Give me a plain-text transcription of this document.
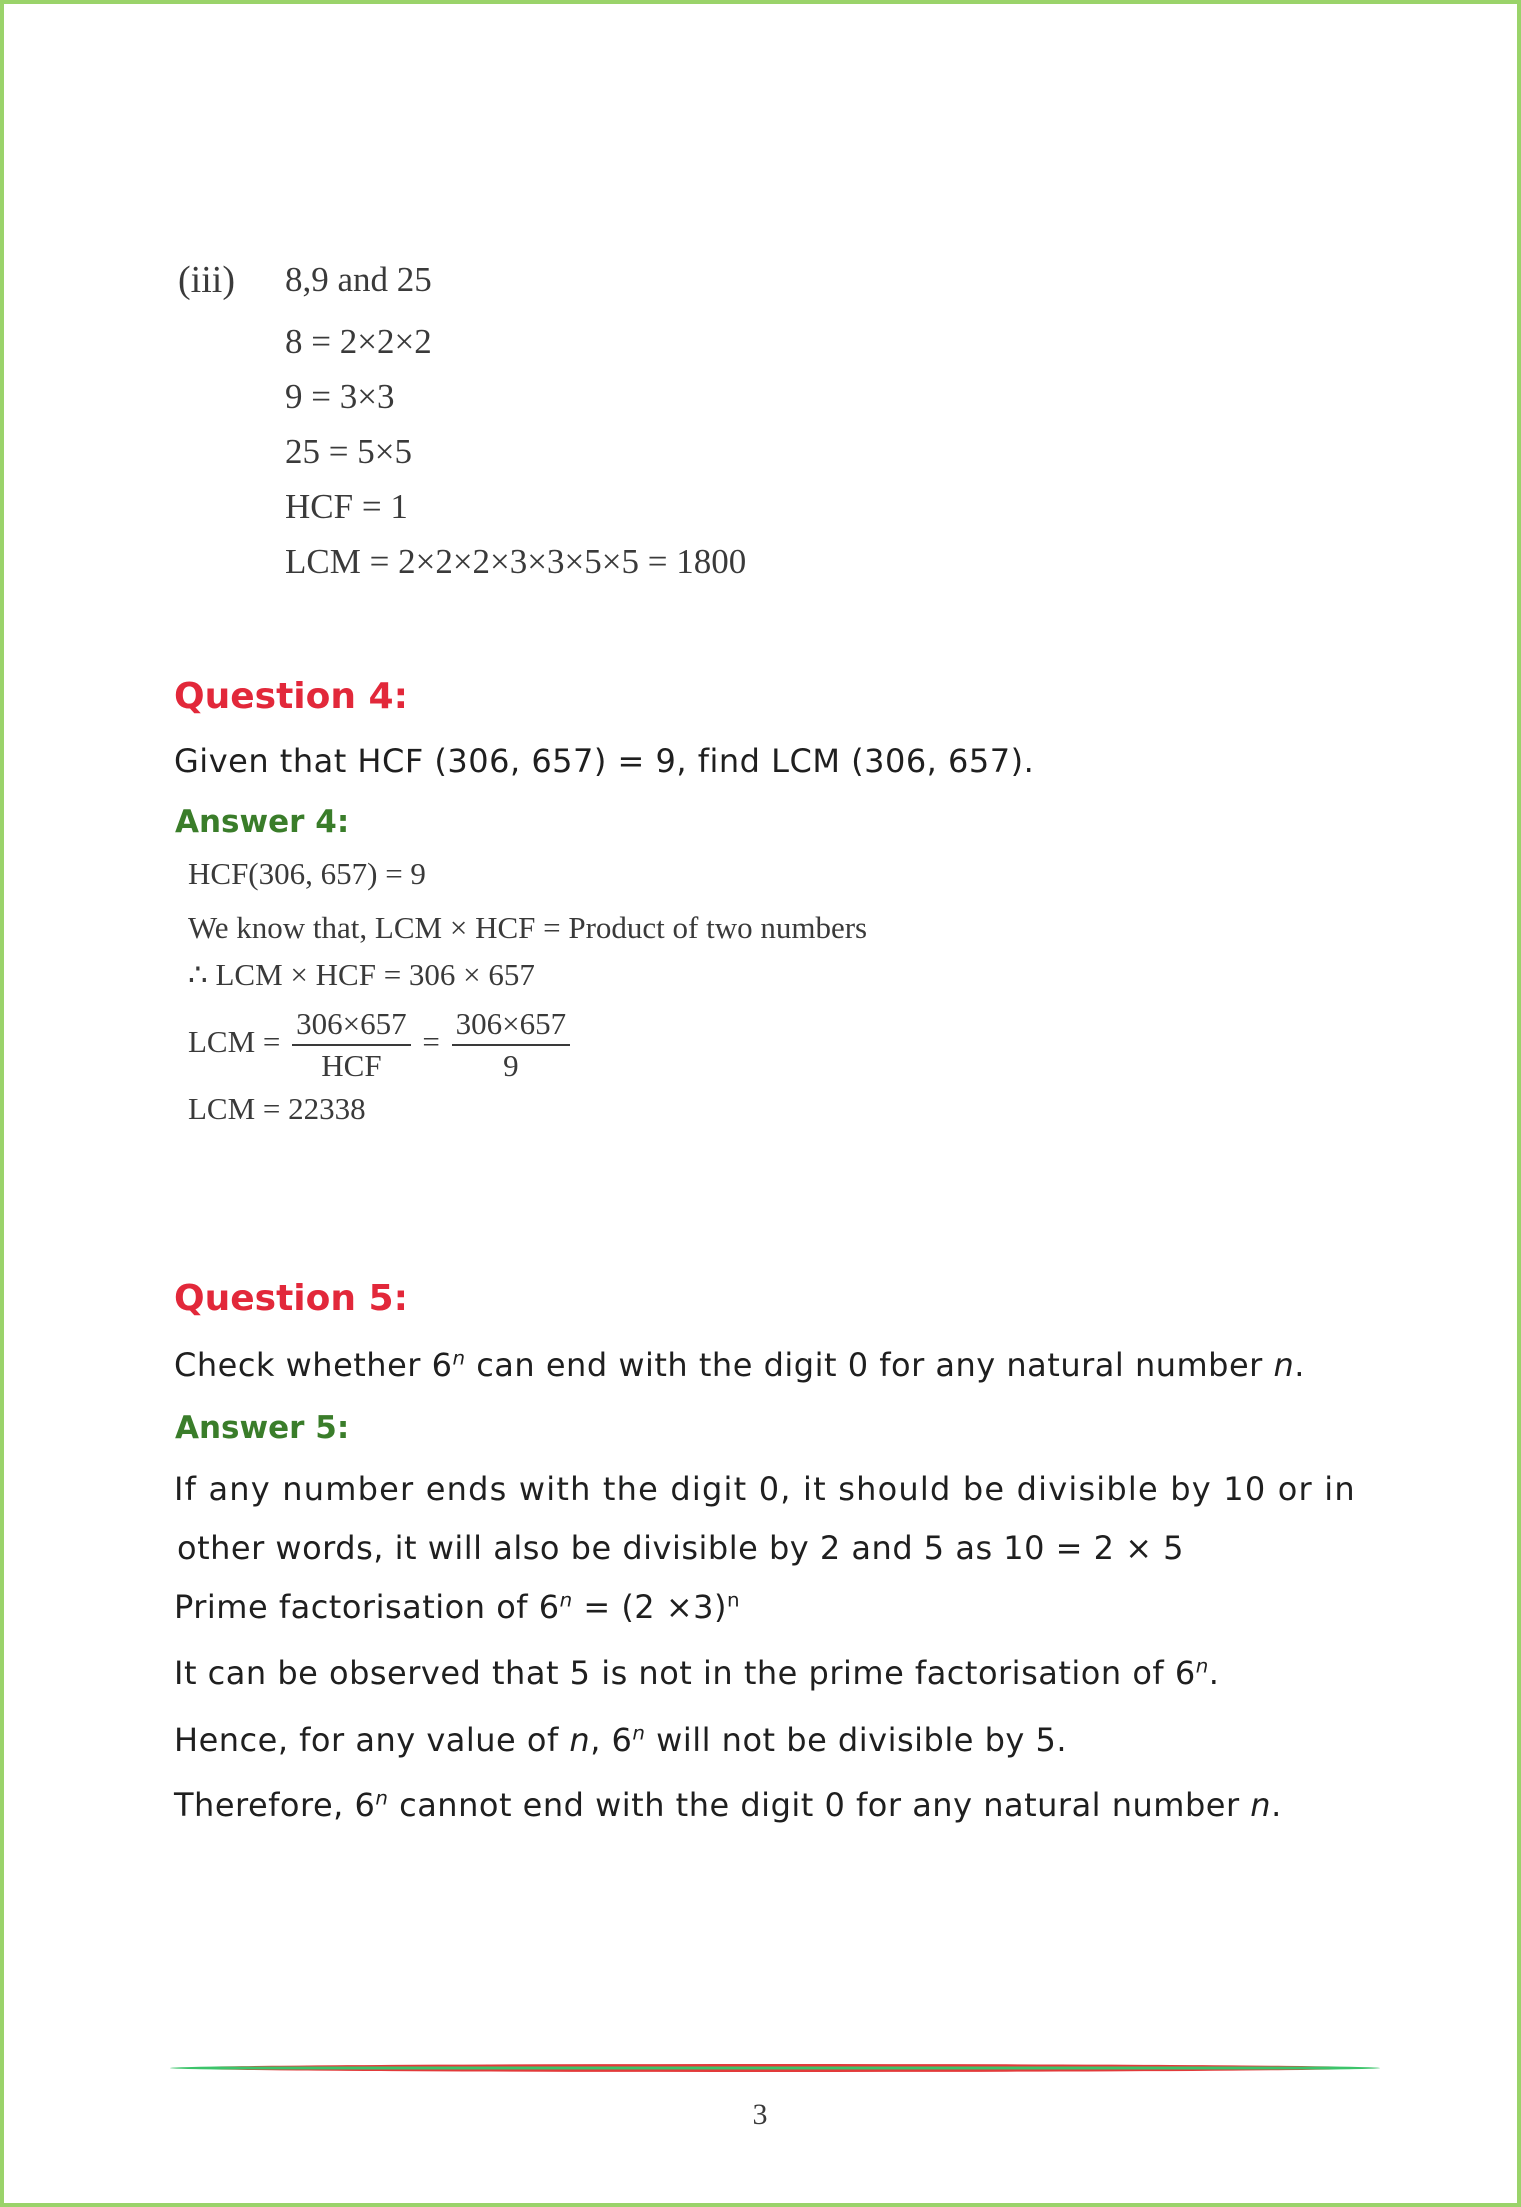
(iii) 8,9 and 25
8 = 2×2×2
9 = 3×3
25 = 5×5
HCF = 1
LCM = 2×2×2×3×3×5×5 = 1800
Question 4:
Given that HCF (306, 657) = 9, find LCM (306, 657).
Answer 4:
HCF(306, 657) = 9
We know that, LCM × HCF = Product of two numbers
∴ LCM × HCF = 306 × 657
LCM = $\frac{306\times 657}{\text{HCF}} = \frac{306\times 657}{9}$
LCM = 22338
Question 5:
Check whether 6$^n$ can end with the digit 0 for any natural number n.
Answer 5:
If any number ends with the digit 0, it should be divisible by 10 or in
other words, it will also be divisible by 2 and 5 as 10 = 2 × 5
Prime factorisation of $6^n = (2 \times 3)^n$
It can be observed that 5 is not in the prime factorisation of 6$^n$.
Hence, for any value of n, 6$^n$ will not be divisible by 5.
Therefore, 6$^n$ cannot end with the digit 0 for any natural number n.
3
